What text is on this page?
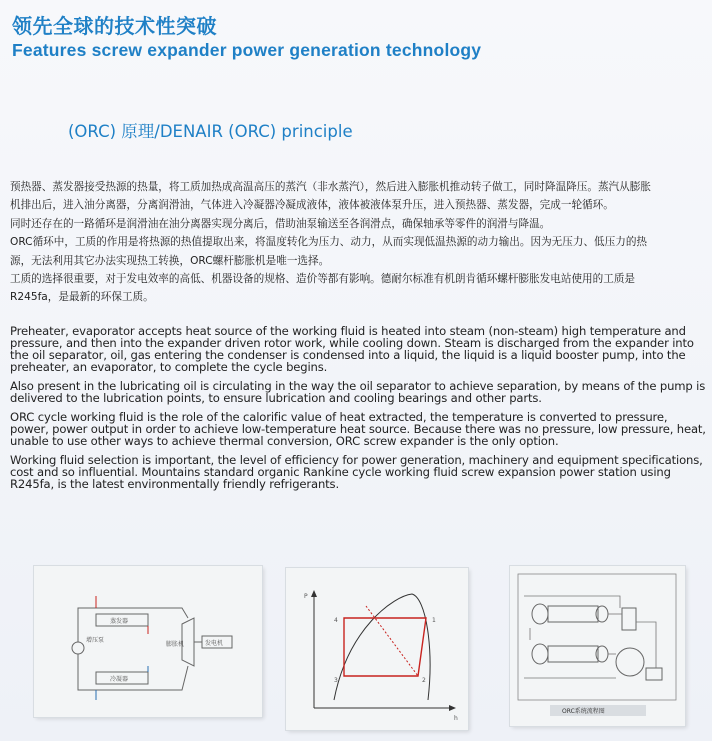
领先全球的技术性突破
Features screw expander power generation technology
(ORC) 原理/DENAIR (ORC) principle

预热器、蒸发器接受热源的热量，将工质加热成高温高压的蒸汽（非水蒸汽），然后进入膨胀机推动转子做工，同时降温降压。蒸汽从膨胀

机排出后，进入油分离器，分离润滑油，气体进入冷凝器冷凝成液体，液体被液体泵升压，进入预热器、蒸发器，完成一轮循环。

同时还存在的一路循环是润滑油在油分离器实现分离后，借助油泵输送至各润滑点，确保轴承等零件的润滑与降温。

ORC循环中，工质的作用是将热源的热值提取出来，将温度转化为压力、动力，从而实现低温热源的动力输出。因为无压力、低压力的热

源，无法利用其它办法实现热工转换，ORC螺杆膨胀机是唯一选择。

工质的选择很重要，对于发电效率的高低、机器设备的规格、造价等都有影响。德耐尔标准有机朗肯循环螺杆膨胀发电站使用的工质是

R245fa，是最新的环保工质。

Preheater, evaporator accepts heat source of the working fluid is heated into steam (non-steam) high temperature and pressure, and then into the expander driven rotor work, while cooling down. Steam is discharged from the expander into the oil separator, oil, gas entering the condenser is condensed into a liquid, the liquid is a liquid booster pump, into the preheater, an evaporator, to complete the cycle begins.

Also present in the lubricating oil is circulating in the way the oil separator to achieve separation, by means of the pump is delivered to the lubrication points, to ensure lubrication and cooling bearings and other parts.

ORC cycle working fluid is the role of the calorific value of heat extracted, the temperature is converted to pressure, power, power output in order to achieve low-temperature heat source. Because there was no pressure, low pressure, heat, unable to use other ways to achieve thermal conversion, ORC screw expander is the only option.

Working fluid selection is important, the level of efficiency for power generation, machinery and equipment specifications, cost and so influential. Mountains standard organic Rankine cycle working fluid screw expansion power station using R245fa, is the latest environmentally friendly refrigerants.

蒸发器
冷凝器
膨胀机	发电机
增压泵
P
h
1
2
3
4
ORC系统流程图
